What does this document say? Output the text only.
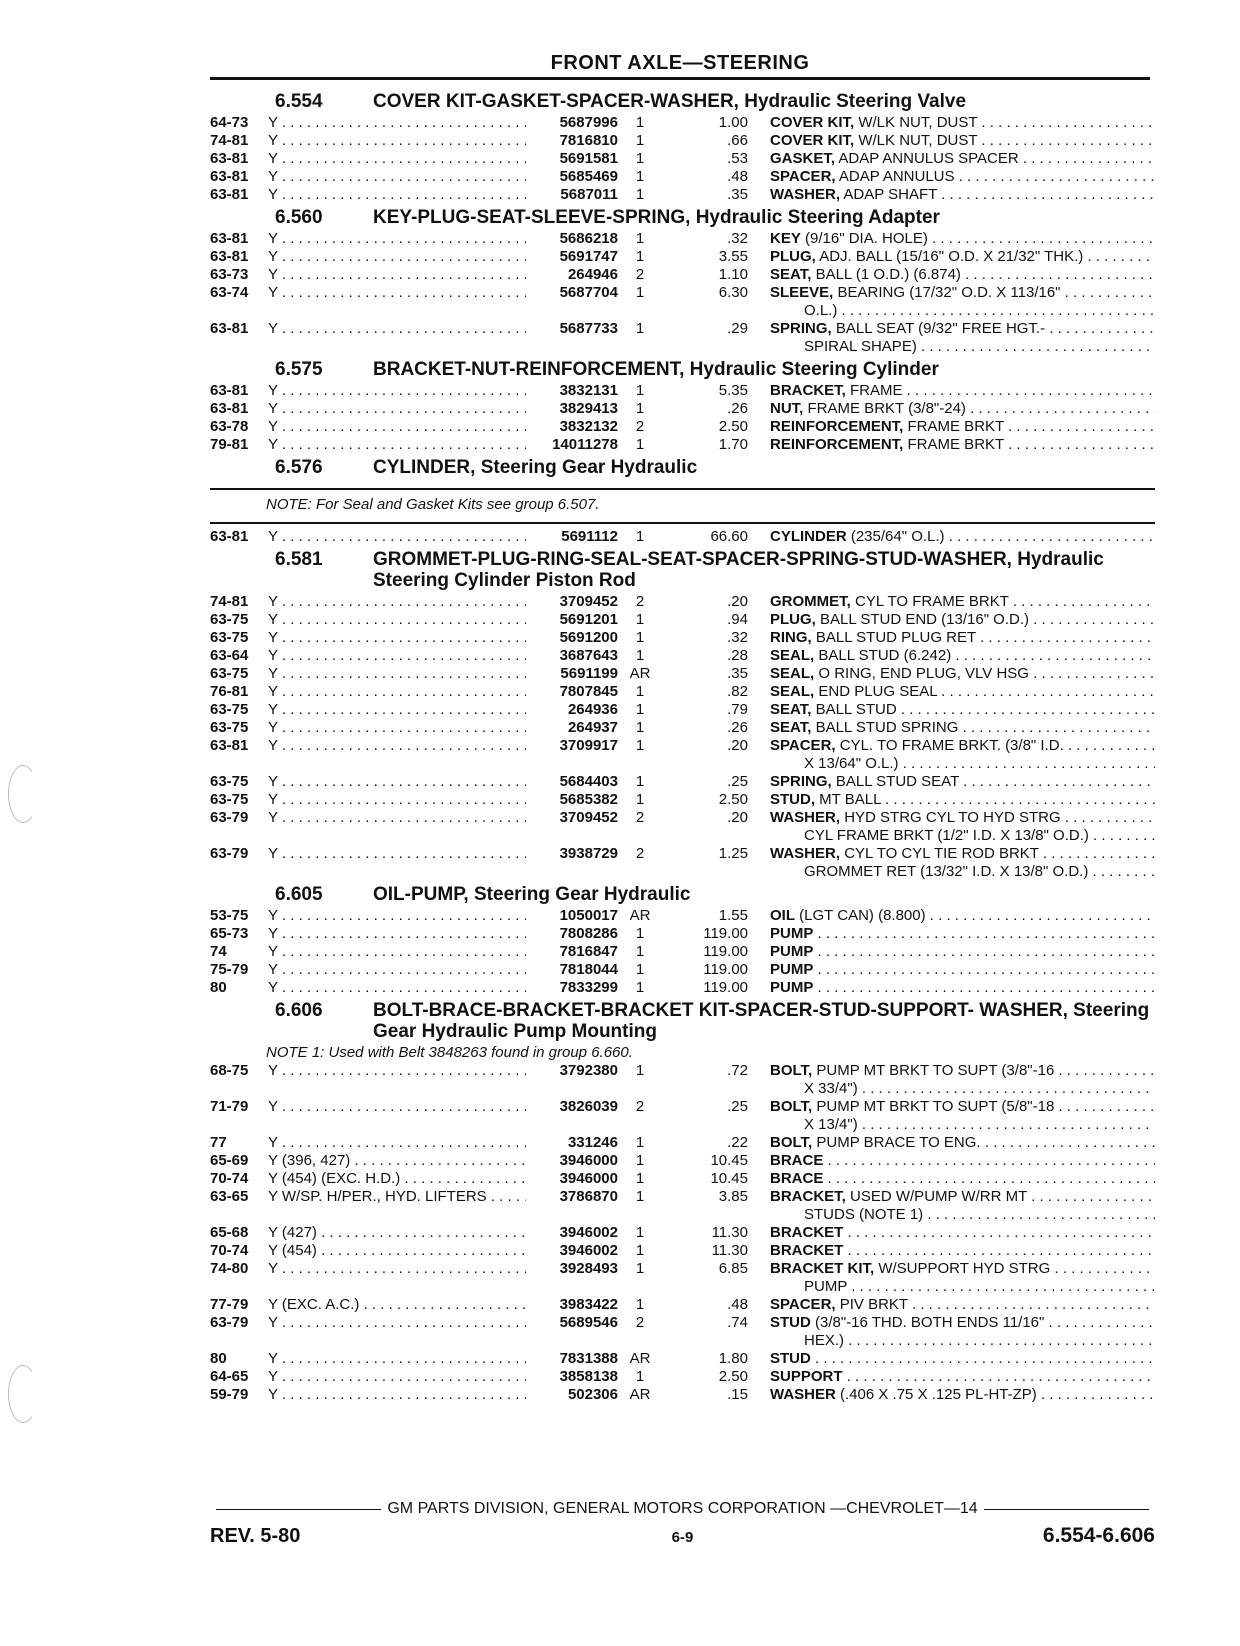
FRONT AXLE—STEERING
6.554	COVER KIT-GASKET-SPACER-WASHER, Hydraulic Steering Valve
64-73	Y . . .	5687996	1	1.00	COVER KIT, W/LK NUT, DUST . . .
74-81	Y . . .	7816810	1	.66	COVER KIT, W/LK NUT, DUST . . .
63-81	Y . . .	5691581	1	.53	GASKET, ADAP ANNULUS SPACER . . .
63-81	Y . . .	5685469	1	.48	SPACER, ADAP ANNULUS . . .
63-81	Y . . .	5687011	1	.35	WASHER, ADAP SHAFT . . .
6.560	KEY-PLUG-SEAT-SLEEVE-SPRING, Hydraulic Steering Adapter
63-81	Y . . .	5686218	1	.32	KEY (9/16" DIA. HOLE) . . .
63-81	Y . . .	5691747	1	3.55	PLUG, ADJ. BALL (15/16" O.D. X 21/32" THK.) . . .
63-73	Y . . .	264946	2	1.10	SEAT, BALL (1 O.D.) (6.874) . . .
63-74	Y . . .	5687704	1	6.30	SLEEVE, BEARING (17/32" O.D. X 113/16" . . .
O.L.) . . .
63-81	Y . . .	5687733	1	.29	SPRING, BALL SEAT (9/32" FREE HGT.- . . .
SPIRAL SHAPE) . . .
6.575	BRACKET-NUT-REINFORCEMENT, Hydraulic Steering Cylinder
63-81	Y . . .	3832131	1	5.35	BRACKET, FRAME . . .
63-81	Y . . .	3829413	1	.26	NUT, FRAME BRKT (3/8"-24) . . .
63-78	Y . . .	3832132	2	2.50	REINFORCEMENT, FRAME BRKT . . .
79-81	Y . . .	14011278	1	1.70	REINFORCEMENT, FRAME BRKT . . .
6.576	CYLINDER, Steering Gear Hydraulic
NOTE: For Seal and Gasket Kits see group 6.507.
63-81	Y . . .	5691112	1	66.60	CYLINDER (235/64" O.L.) . . .
6.581	GROMMET-PLUG-RING-SEAL-SEAT-SPACER-SPRING-STUD-WASHER, Hydraulic Steering Cylinder Piston Rod
74-81	Y . . .	3709452	2	.20	GROMMET, CYL TO FRAME BRKT . . .
63-75	Y . . .	5691201	1	.94	PLUG, BALL STUD END (13/16" O.D.) . . .
63-75	Y . . .	5691200	1	.32	RING, BALL STUD PLUG RET . . .
63-64	Y . . .	3687643	1	.28	SEAL, BALL STUD (6.242) . . .
63-75	Y . . .	5691199 AR	.35	SEAL, O RING, END PLUG, VLV HSG . . .
76-81	Y . . .	7807845	1	.82	SEAL, END PLUG SEAL . . .
63-75	Y . . .	264936	1	.79	SEAT, BALL STUD . . .
63-75	Y . . .	264937	1	.26	SEAT, BALL STUD SPRING . . .
63-81	Y . . .	3709917	1	.20	SPACER, CYL. TO FRAME BRKT. (3/8" I.D. . . .
X 13/64" O.L.) . . .
63-75	Y . . .	5684403	1	.25	SPRING, BALL STUD SEAT . . .
63-75	Y . . .	5685382	1	2.50	STUD, MT BALL . . .
63-79	Y . . .	3709452	2	.20	WASHER, HYD STRG CYL TO HYD STRG . . .
CYL FRAME BRKT (1/2" I.D. X 13/8" O.D.) . . .
63-79	Y . . .	3938729	2	1.25	WASHER, CYL TO CYL TIE ROD BRKT . . .
GROMMET RET (13/32" I.D. X 13/8" O.D.) . . .
6.605	OIL-PUMP, Steering Gear Hydraulic
53-75	Y . . .	1050017 AR	1.55	OIL (LGT CAN) (8.800) . . .
65-73	Y . . .	7808286	1	119.00	PUMP . . .
74	Y . . .	7816847	1	119.00	PUMP . . .
75-79	Y . . .	7818044	1	119.00	PUMP . . .
80	Y . . .	7833299	1	119.00	PUMP . . .
6.606	BOLT-BRACE-BRACKET-BRACKET KIT-SPACER-STUD-SUPPORT- WASHER, Steering Gear Hydraulic Pump Mounting
NOTE 1: Used with Belt 3848263 found in group 6.660.
68-75	Y . . .	3792380	1	.72	BOLT, PUMP MT BRKT TO SUPT (3/8"-16 . . .
X 33/4") . . .
71-79	Y . . .	3826039	2	.25	BOLT, PUMP MT BRKT TO SUPT (5/8"-18 . . .
X 13/4") . . .
77	Y . . .	331246	1	.22	BOLT, PUMP BRACE TO ENG. . . .
65-69	Y (396, 427) . . .	3946000	1	10.45	BRACE . . .
70-74	Y (454) (EXC. H.D.) . . .	3946000	1	10.45	BRACE . . .
63-65	Y W/SP. H/PER., HYD. LIFTERS . . .	3786870	1	3.85	BRACKET, USED W/PUMP W/RR MT . . .
STUDS (NOTE 1) . . .
65-68	Y (427) . . .	3946002	1	11.30	BRACKET . . .
70-74	Y (454) . . .	3946002	1	11.30	BRACKET . . .
74-80	Y . . .	3928493	1	6.85	BRACKET KIT, W/SUPPORT HYD STRG . . .
PUMP . . .
77-79	Y (EXC. A.C.) . . .	3983422	1	.48	SPACER, PIV BRKT . . .
63-79	Y . . .	5689546	2	.74	STUD (3/8"-16 THD. BOTH ENDS 11/16" . . .
HEX.) . . .
80	Y . . .	7831388 AR	1.80	STUD . . .
64-65	Y . . .	3858138	1	2.50	SUPPORT . . .
59-79	Y . . .	502306 AR	.15	WASHER (.406 X .75 X .125 PL-HT-ZP) . . .
GM PARTS DIVISION, GENERAL MOTORS CORPORATION —CHEVROLET—14
REV. 5-80	6-9	6.554-6.606
